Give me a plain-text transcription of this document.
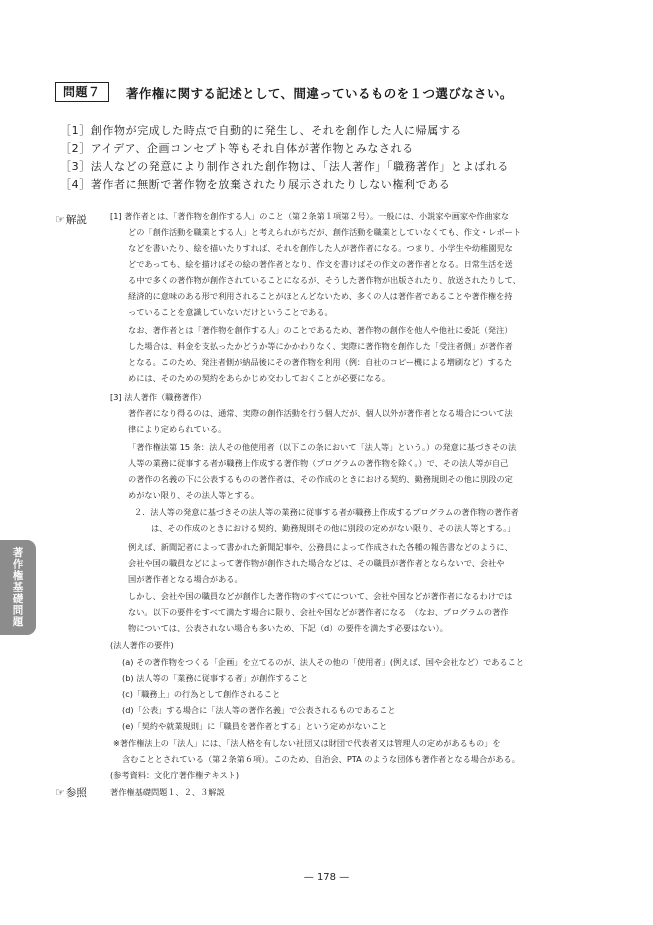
問題７	著作権に関する記述として、間違っているものを１つ選びなさい。
［1］創作物が完成した時点で自動的に発生し、それを創作した人に帰属する
［2］アイデア、企画コンセプト等もそれ自体が著作物とみなされる
［3］法人などの発意により制作された創作物は、「法人著作」「職務著作」とよばれる
［4］著作者に無断で著作物を放棄されたり展示されたりしない権利である
☞解説	[1] 著作者とは、「著作物を創作する人」のこと（第２条第１項第２号）。一般には、小説家や画家や作曲家な
どの「創作活動を職業とする人」と考えられがちだが、創作活動を職業としていなくても、作文・レポート
などを書いたり、絵を描いたりすれば、それを創作した人が著作者になる。つまり、小学生や幼稚園児な
どであっても、絵を描けばその絵の著作者となり、作文を書けばその作文の著作者となる。日常生活を送
る中で多くの著作物が創作されていることになるが、そうした著作物が出版されたり、放送されたりして、
経済的に意味のある形で利用されることがほとんどないため、多くの人は著作者であることや著作権を持
っていることを意識していないだけということである。
なお、著作者とは「著作物を創作する人」のことであるため、著作物の創作を他人や他社に委託（発注）
した場合は、料金を支払ったかどうか等にかかわりなく、実際に著作物を創作した「受注者側」が著作者
となる。このため、発注者側が納品後にその著作物を利用（例：自社のコピー機による増刷など）するた
めには、そのための契約をあらかじめ交わしておくことが必要になる。
[3] 法人著作（職務著作）
著作者になり得るのは、通常、実際の創作活動を行う個人だが、個人以外が著作者となる場合について法
律により定められている。
「著作権法第 15 条：法人その他使用者（以下この条において「法人等」という。）の発意に基づきその法
人等の業務に従事する者が職務上作成する著作物（プログラムの著作物を除く。）で、その法人等が自己
の著作の名義の下に公表するものの著作者は、その作成のときにおける契約、勤務規則その他に別段の定
めがない限り、その法人等とする。
２．法人等の発意に基づきその法人等の業務に従事する者が職務上作成するプログラムの著作物の著作者
は、その作成のときにおける契約、勤務規則その他に別段の定めがない限り、その法人等とする。」
例えば、新聞記者によって書かれた新聞記事や、公務員によって作成された各種の報告書などのように、
会社や国の職員などによって著作物が創作された場合などは、その職員が著作者とならないで、会社や
国が著作者となる場合がある。
しかし、会社や国の職員などが創作した著作物のすべてについて、会社や国などが著作者になるわけでは
ない。以下の要件をすべて満たす場合に限り、会社や国などが著作者になる　（なお、プログラムの著作
物については、公表されない場合も多いため、下記（d）の要件を満たす必要はない）。
(法人著作の要件)
(a) その著作物をつくる「企画」を立てるのが、法人その他の「使用者」(例えば、国や会社など）であること
(b) 法人等の「業務に従事する者」が創作すること
(c)「職務上」の行為として創作されること
(d)「公表」する場合に「法人等の著作名義」で公表されるものであること
(e)「契約や就業規則」に「職員を著作者とする」という定めがないこと
※著作権法上の「法人」には、「法人格を有しない社団又は財団で代表者又は管理人の定めがあるもの」を
含むこととされている（第２条第６項）。このため、自治会、PTA のような団体も著作者となる場合がある。
(参考資料：文化庁著作権テキスト)
☞参照	著作権基礎問題１、２、３解説
著作権基礎問題
— 178 —
